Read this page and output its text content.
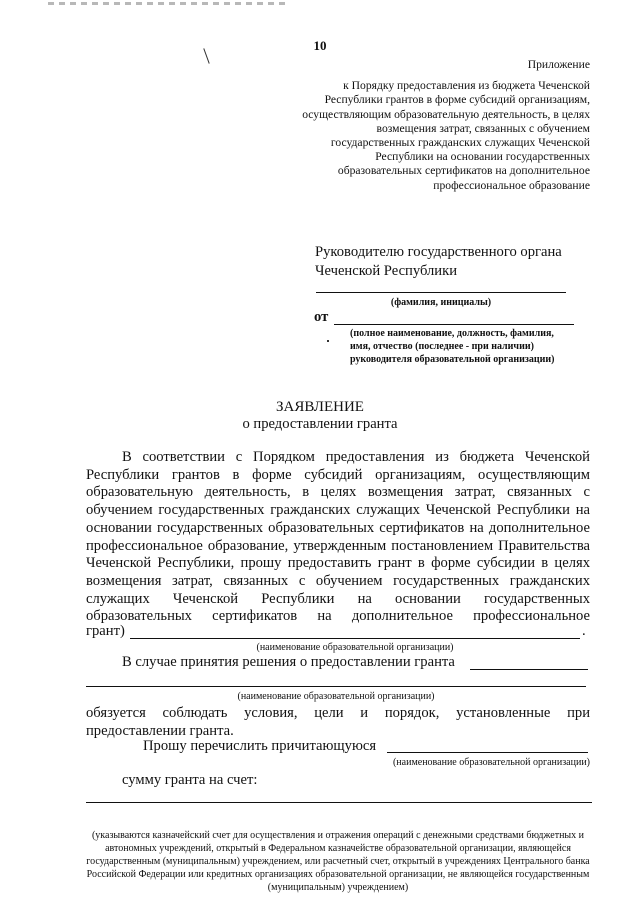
10
Приложение
к Порядку предоставления из бюджета Чеченской Республики грантов в форме субсидий организациям, осуществляющим образовательную деятельность, в целях возмещения затрат, связанных с обучением государственных гражданских служащих Чеченской Республики на основании государственных образовательных сертификатов на дополнительное профессиональное образование
Руководителю государственного органа
Чеченской Республики
(фамилия, инициалы)
от
(полное наименование, должность, фамилия,
имя, отчество (последнее - при наличии)
руководителя образовательной организации)
ЗАЯВЛЕНИЕ
о предоставлении гранта

В соответствии с Порядком предоставления из бюджета Чеченской Республики грантов в форме субсидий организациям, осуществляющим образовательную деятельность, в целях возмещения затрат, связанных с обучением государственных гражданских служащих Чеченской Республики на основании государственных образовательных сертификатов на дополнительное профессиональное образование, утвержденным постановлением Правительства Чеченской Республики, прошу предоставить грант в форме субсидии в целях возмещения затрат, связанных с обучением государственных гражданских служащих Чеченской Республики на основании государственных образовательных сертификатов на дополнительное профессиональное

грант)	.
(наименование образовательной организации)
В случае принятия решения о предоставлении гранта
(наименование образовательной организации)

обязуется соблюдать условия, цели и порядок, установленные при предоставлении гранта.

Прошу перечислить причитающуюся
(наименование образовательной организации)
сумму гранта на счет:
(указываются казначейский счет для осуществления и отражения операций с денежными средствами бюджетных и автономных учреждений, открытый в Федеральном казначействе образовательной организации, являющейся государственным (муниципальным) учреждением, или расчетный счет, открытый в учреждениях Центрального банка Российской Федерации или кредитных организациях образовательной организации, не являющейся государственным (муниципальным) учреждением)
